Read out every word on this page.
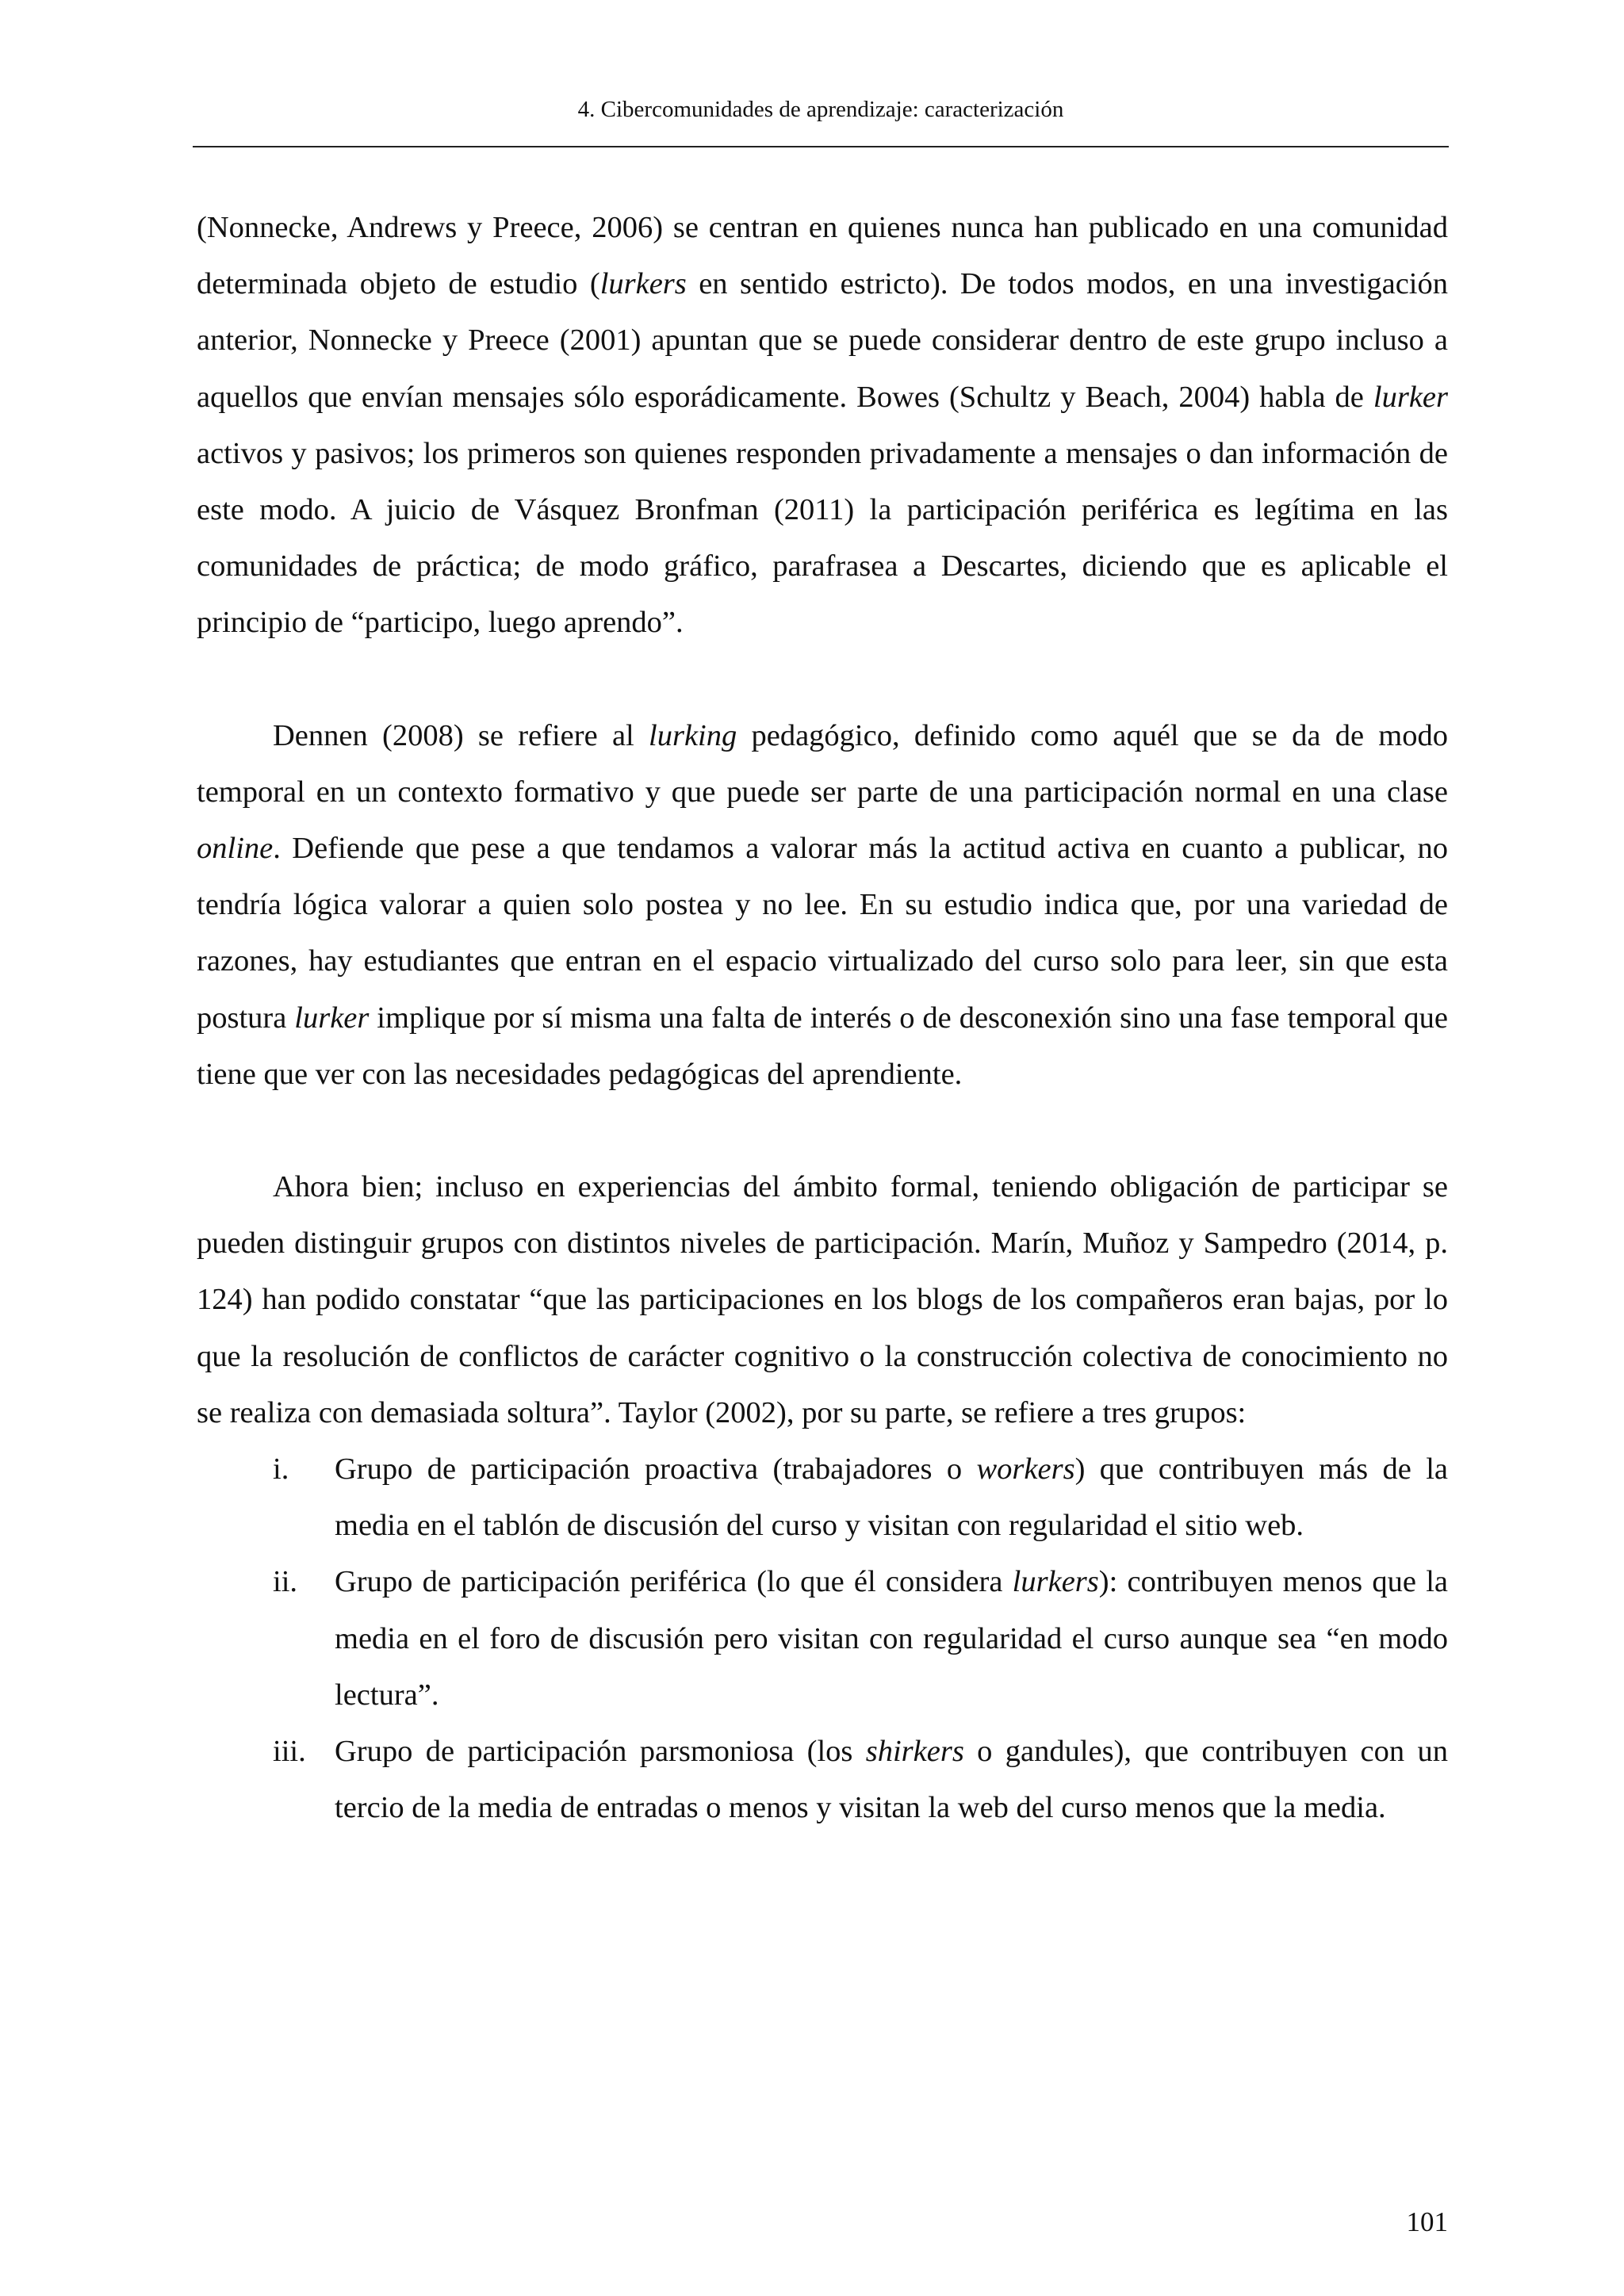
4. Cibercomunidades de aprendizaje: caracterización

(Nonnecke, Andrews y Preece, 2006) se centran en quienes nunca han publicado en una comunidad determinada objeto de estudio (lurkers en sentido estricto). De todos modos, en una investigación anterior, Nonnecke y Preece (2001) apuntan que se puede considerar dentro de este grupo incluso a aquellos que envían mensajes sólo esporádicamente. Bowes (Schultz y Beach, 2004) habla de lurker activos y pasivos; los primeros son quienes responden privadamente a mensajes o dan información de este modo. A juicio de Vásquez Bronfman (2011) la participación periférica es legítima en las comunidades de práctica; de modo gráfico, parafrasea a Descartes, diciendo que es aplicable el principio de “participo, luego aprendo”.

Dennen (2008) se refiere al lurking pedagógico, definido como aquél que se da de modo temporal en un contexto formativo y que puede ser parte de una participación normal en una clase online. Defiende que pese a que tendamos a valorar más la actitud activa en cuanto a publicar, no tendría lógica valorar a quien solo postea y no lee. En su estudio indica que, por una variedad de razones, hay estudiantes que entran en el espacio virtualizado del curso solo para leer, sin que esta postura lurker implique por sí misma una falta de interés o de desconexión sino una fase temporal que tiene que ver con las necesidades pedagógicas del aprendiente.

Ahora bien; incluso en experiencias del ámbito formal, teniendo obligación de participar se pueden distinguir grupos con distintos niveles de participación. Marín, Muñoz y Sampedro (2014, p. 124) han podido constatar “que las participaciones en los blogs de los compañeros eran bajas, por lo que la resolución de conflictos de carácter cognitivo o la construcción colectiva de conocimiento no se realiza con demasiada soltura”. Taylor (2002), por su parte, se refiere a tres grupos:

i.	Grupo de participación proactiva (trabajadores o workers) que contribuyen más de la media en el tablón de discusión del curso y visitan con regularidad el sitio web.
ii.	Grupo de participación periférica (lo que él considera lurkers): contribuyen menos que la media en el foro de discusión pero visitan con regularidad el curso aunque sea “en modo lectura”.
iii. Grupo de participación parsmoniosa (los shirkers o gandules), que contribuyen con un tercio de la media de entradas o menos y visitan la web del curso menos que la media.
101
